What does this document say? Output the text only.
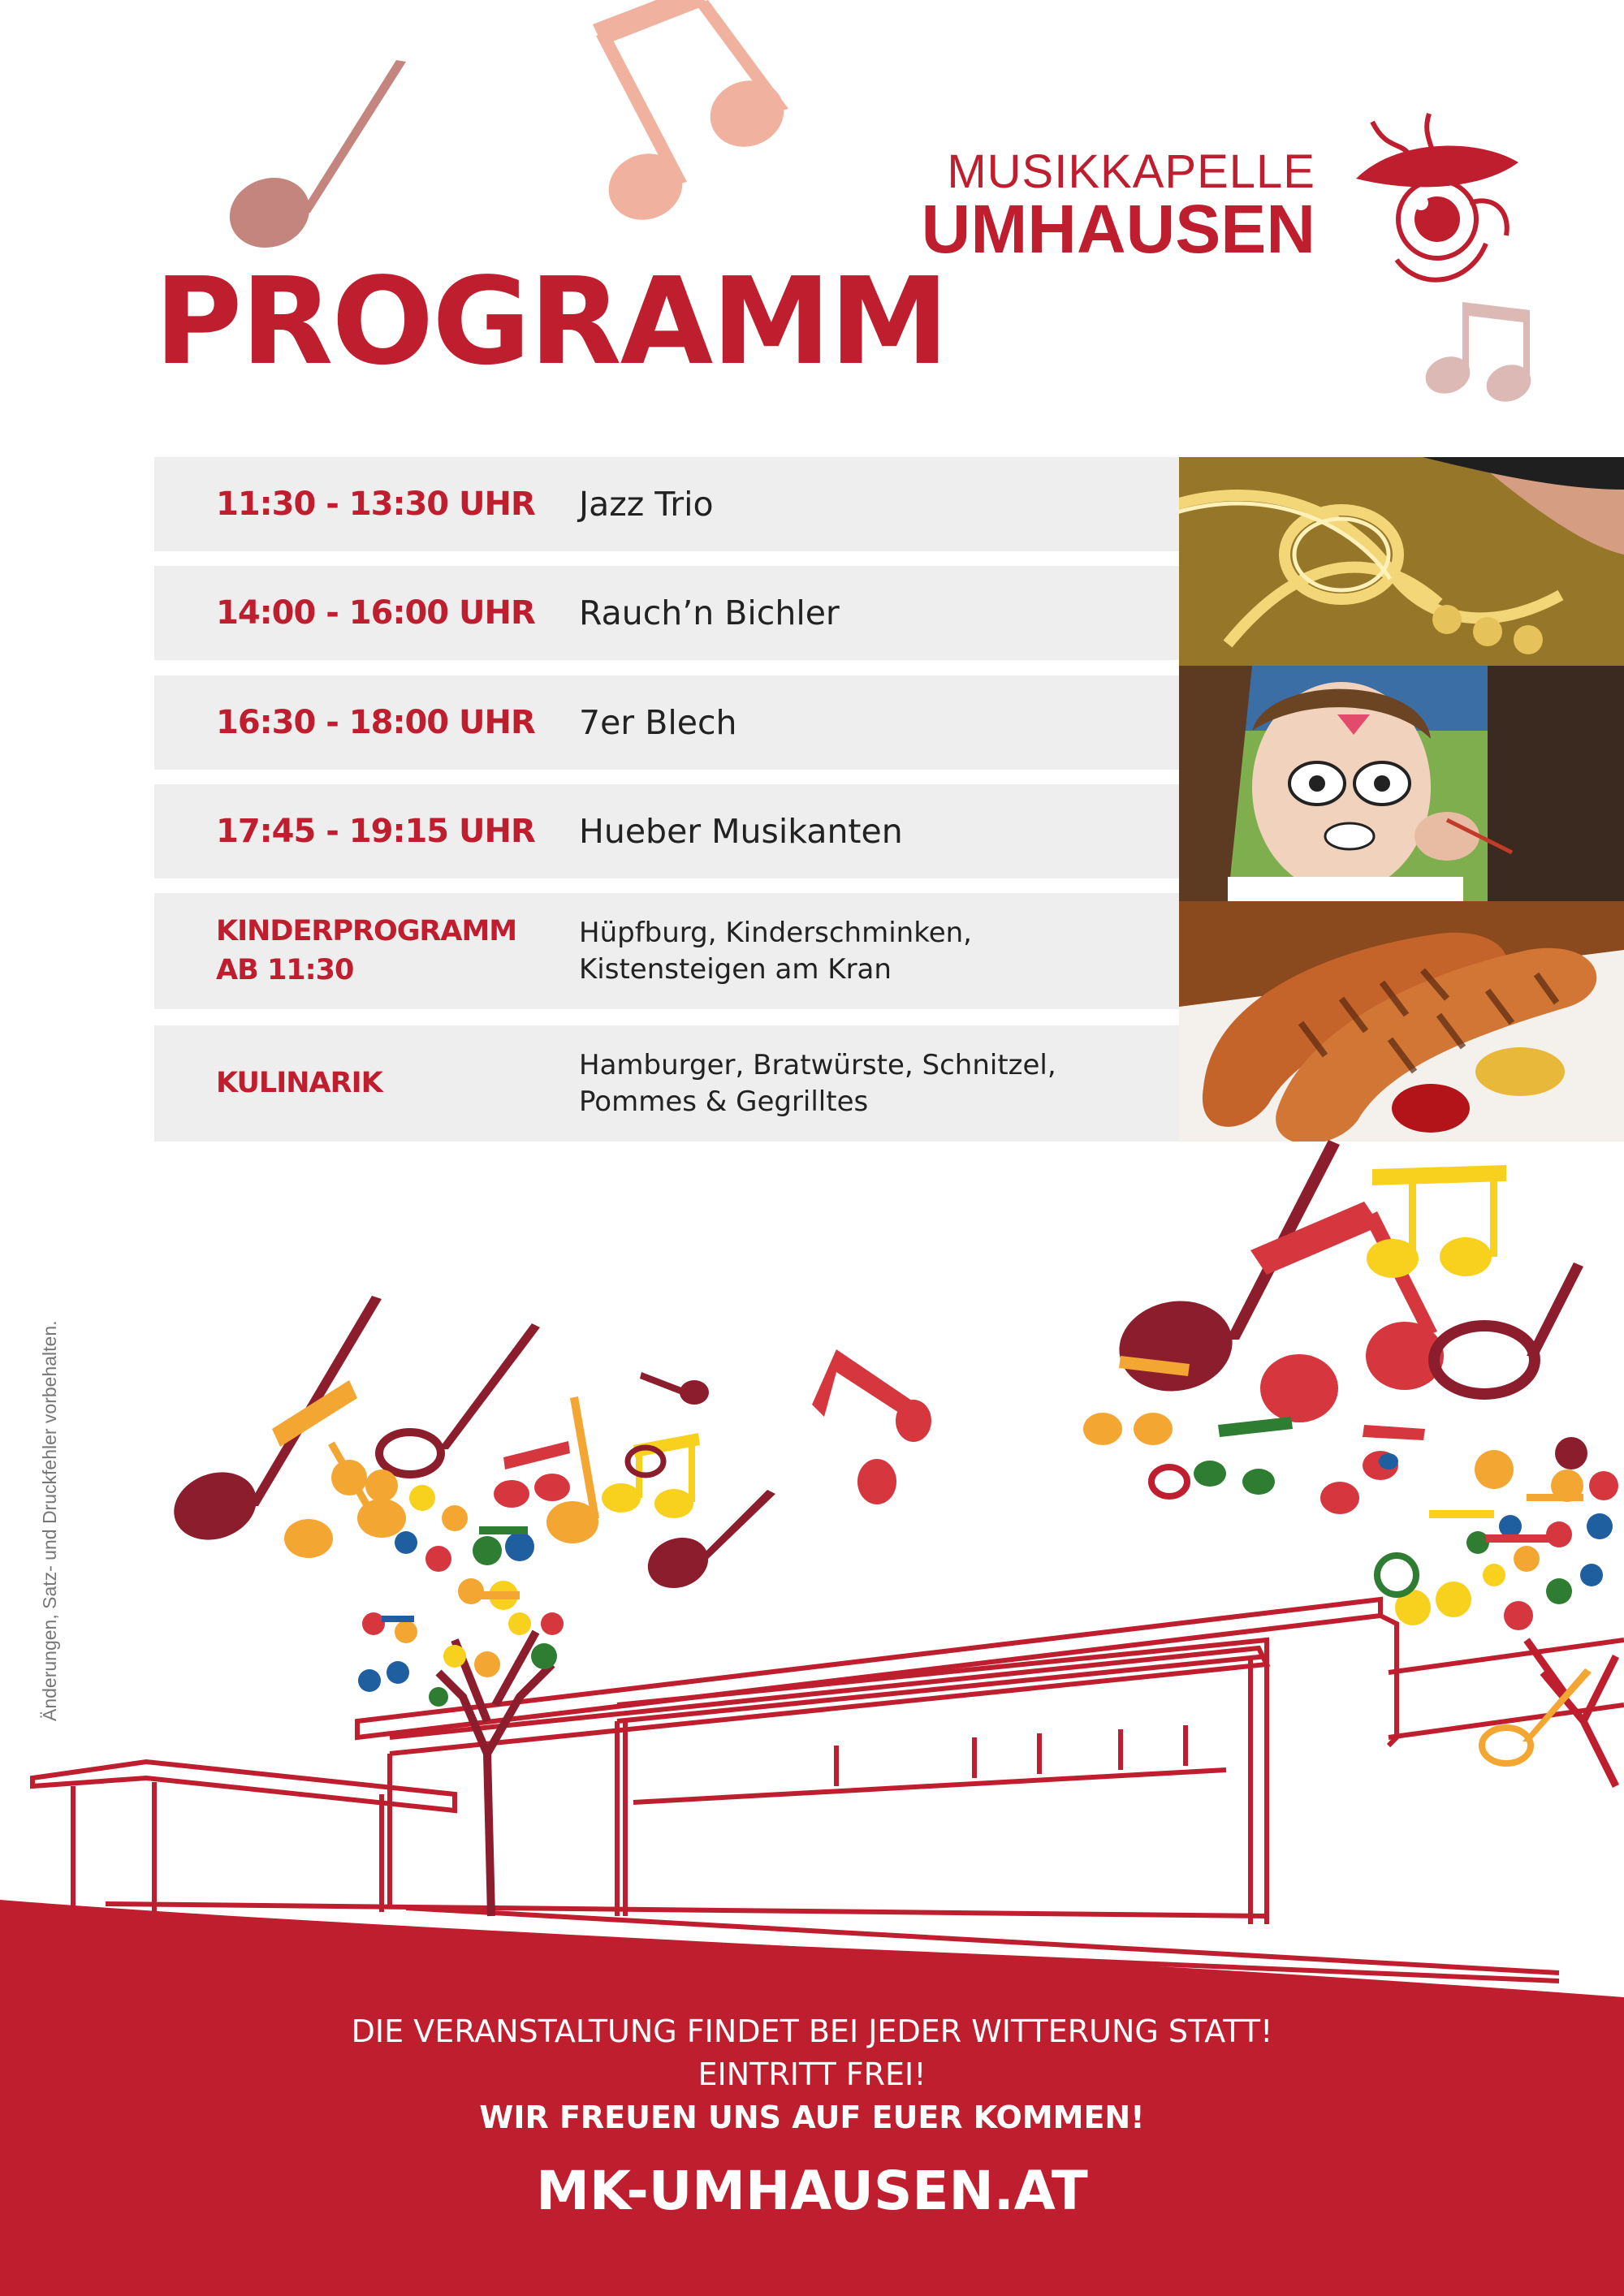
MUSIKKAPELLE
UMHAUSEN
PROGRAMM
11:30 - 13:30 UHR Jazz Trio
14:00 - 16:00 UHR Rauch’n Bichler
16:30 - 18:00 UHR 7er Blech
17:45 - 19:15 UHR Hueber Musikanten
KINDERPROGRAMM
AB 11:30
Hüpfburg, Kinderschminken,
Kistensteigen am Kran
KULINARIK
Hamburger, Bratwürste, Schnitzel,
Pommes & Gegrilltes
Änderungen, Satz- und Druckfehler vorbehalten.
DIE VERANSTALTUNG FINDET BEI JEDER WITTERUNG STATT!
EINTRITT FREI!
WIR FREUEN UNS AUF EUER KOMMEN!
MK-UMHAUSEN.AT
